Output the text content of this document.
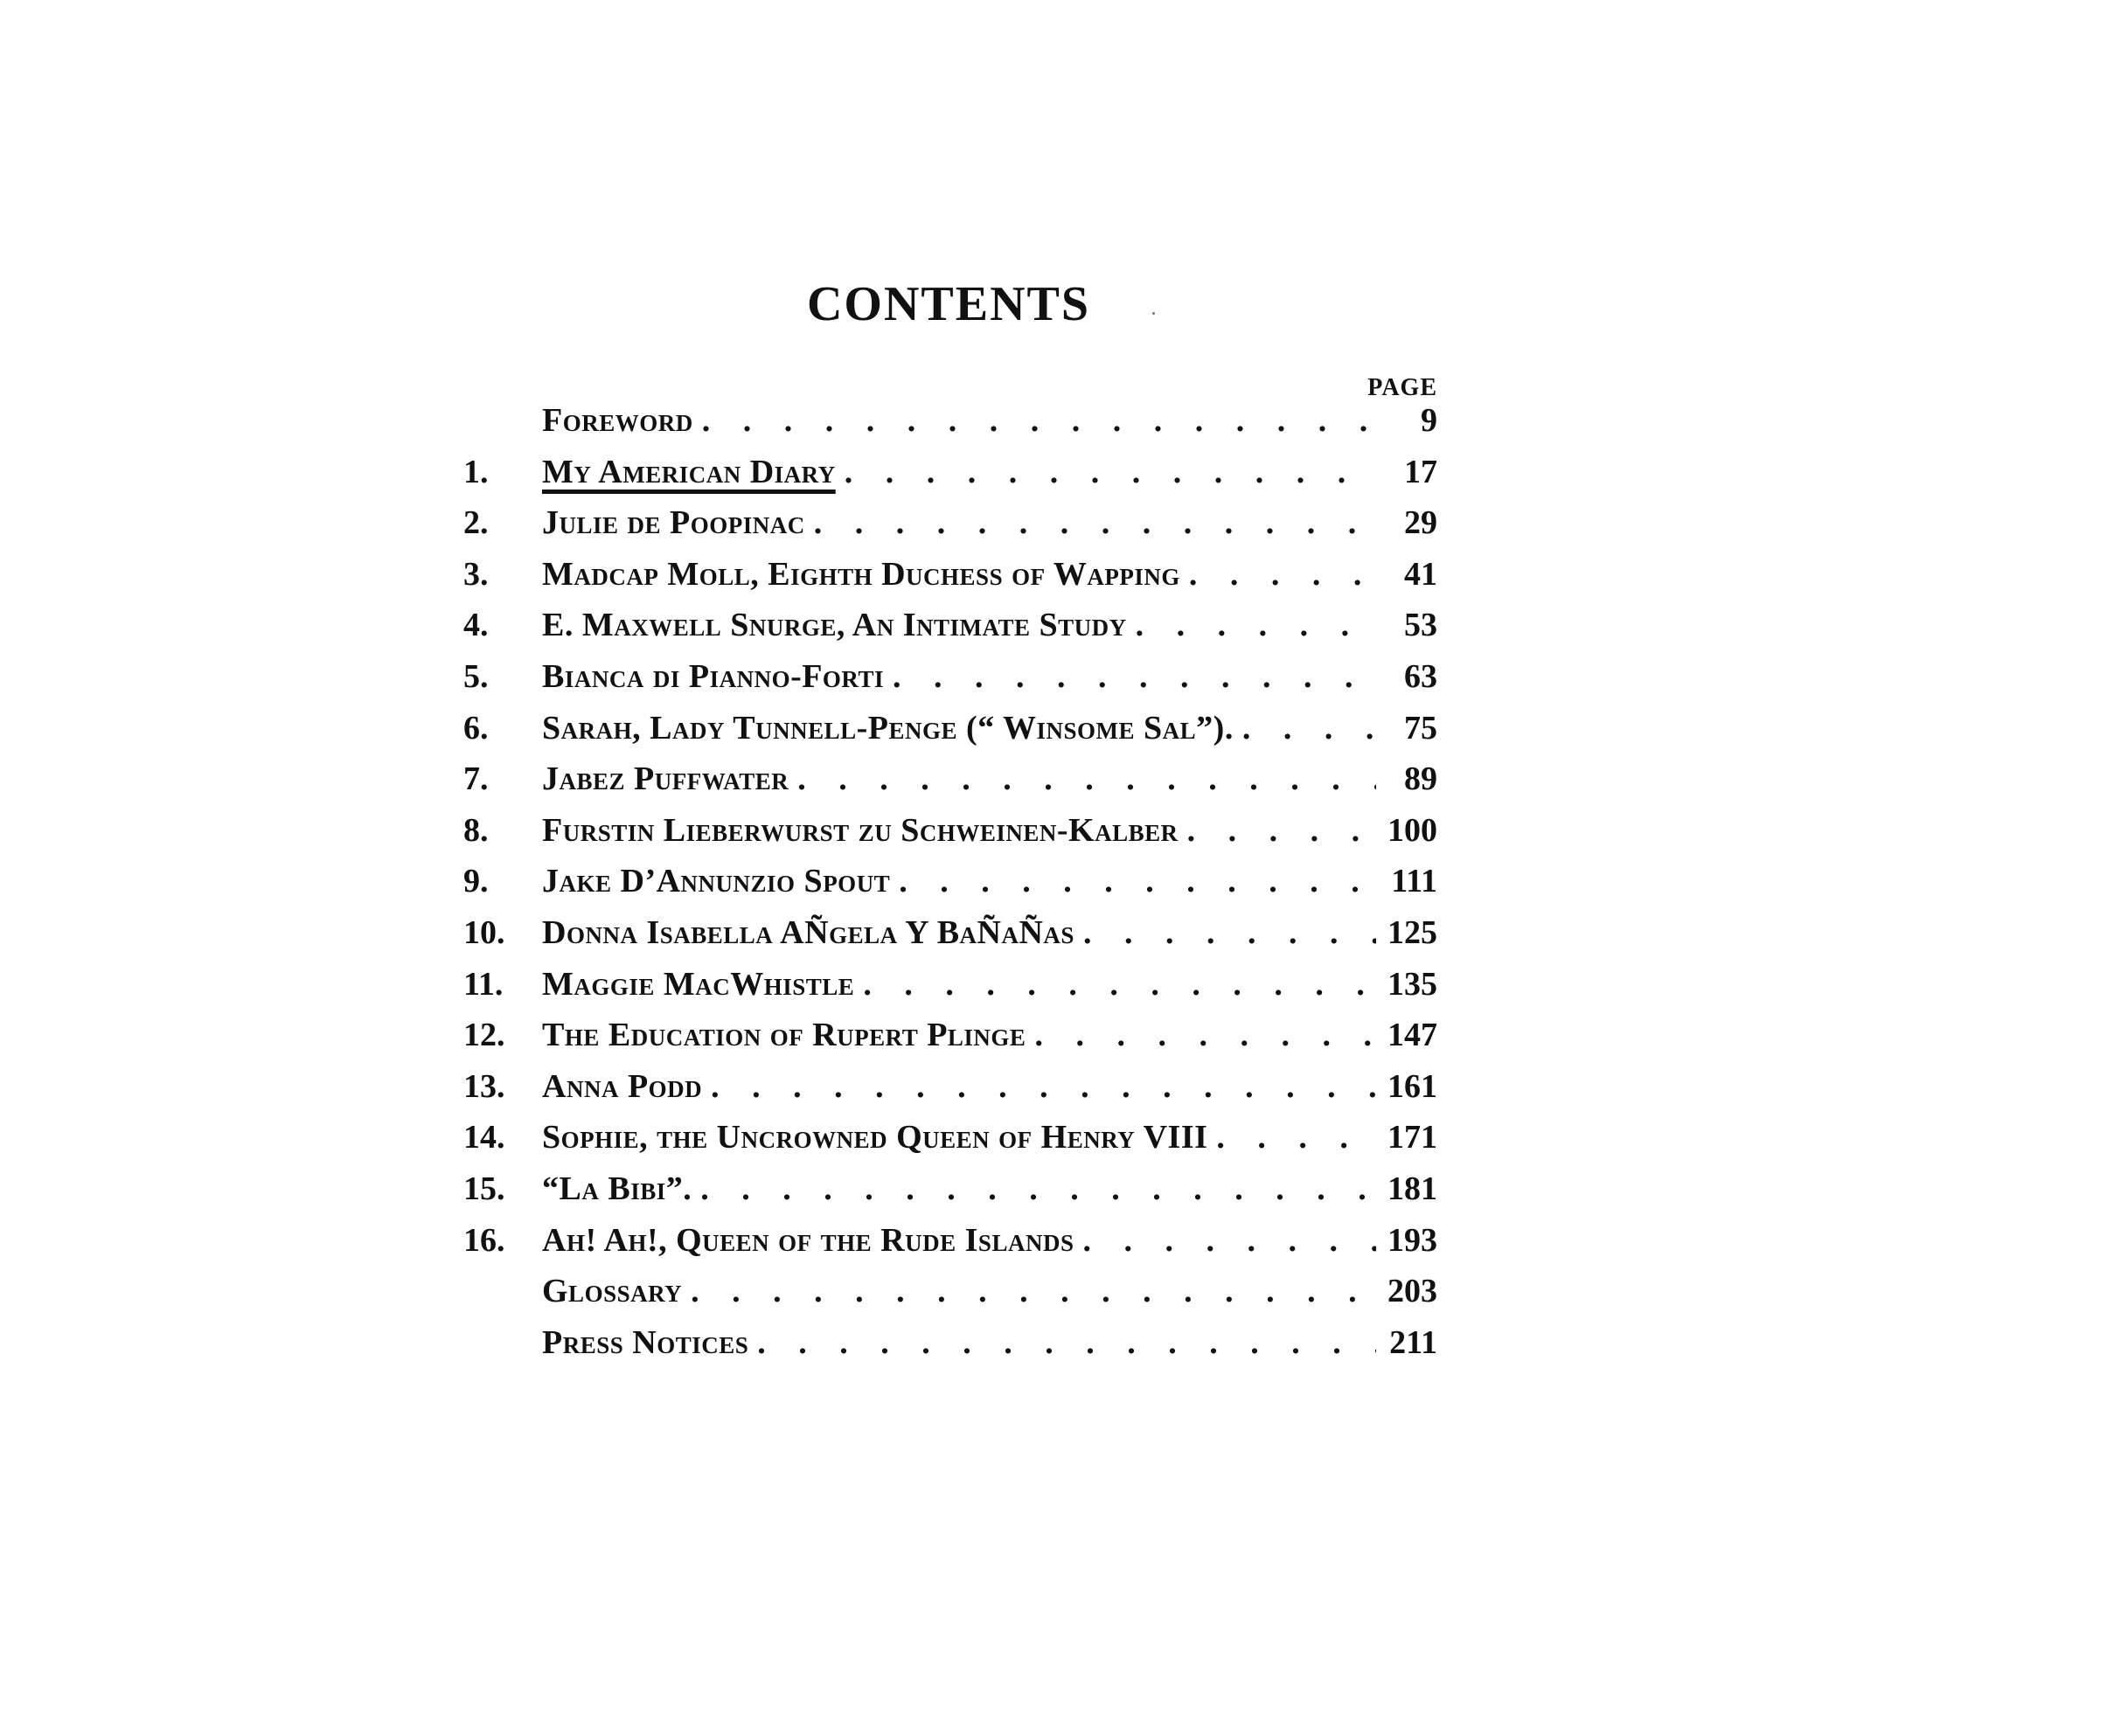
CONTENTS
PAGE
Foreword . . .	9
1.	My American Diary . . .	17
2.	Julie de Poopinac . . .	29
3.	Madcap Moll, Eighth Duchess of Wapping . . .	41
4.	E. Maxwell Snurge, An Intimate Study . . .	53
5.	Bianca di Pianno-Forti . . .	63
6.	Sarah, Lady Tunnell-Penge (“ Winsome Sal”). . . .	75
7.	Jabez Puffwater . . .	89
8.	Furstin Lieberwurst zu Schweinen-Kalber . . .	100
9.	Jake D’Annunzio Spout . . .	111
10.	Donna Isabella AÑgela Y BaÑaÑas . . .	125
11.	Maggie MacWhistle . . .	135
12.	The Education of Rupert Plinge . . .	147
13.	Anna Podd . . .	161
14.	Sophie, the Uncrowned Queen of Henry VIII . . .	171
15.	“La Bibi”. . . .	181
16.	Ah! Ah!, Queen of the Rude Islands . . .	193
Glossary . . .	203
Press Notices . . .	211
